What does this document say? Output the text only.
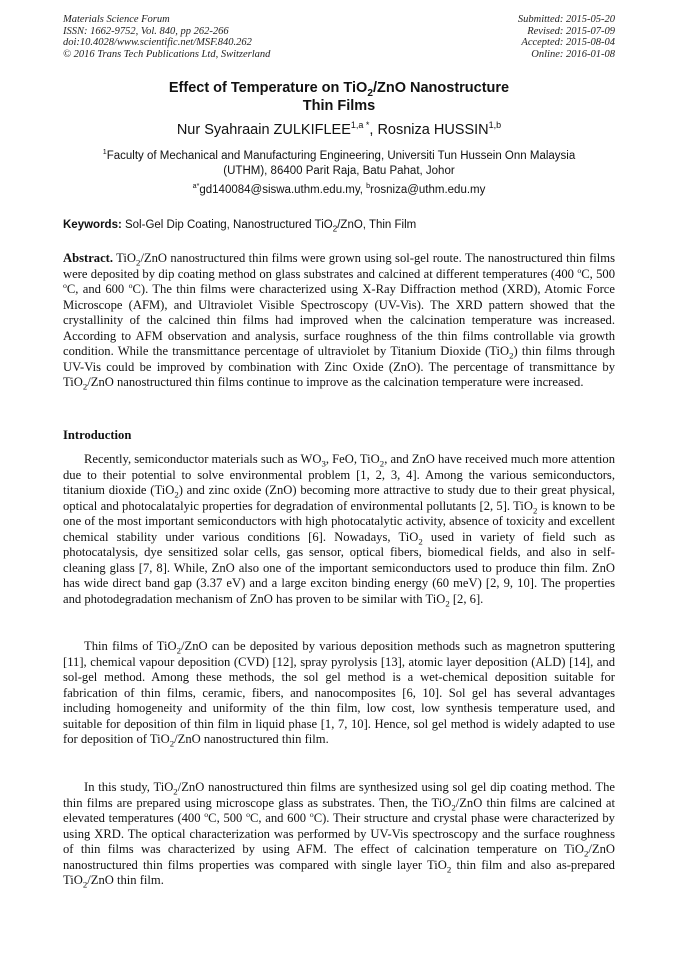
Materials Science Forum
ISSN: 1662-9752, Vol. 840, pp 262-266
doi:10.4028/www.scientific.net/MSF.840.262
© 2016 Trans Tech Publications Ltd, Switzerland
Submitted: 2015-05-20
Revised: 2015-07-09
Accepted: 2015-08-04
Online: 2016-01-08
Effect of Temperature on TiO$_2$/ZnO Nanostructure
Thin Films
Nur Syahraain $ZULKIFLEE^{1,a *}$, Rosniza HUSSIN$^{1,b}$
$^1$Faculty of Mechanical and Manufacturing Engineering, Universiti Tun Hussein Onn Malaysia
(UTHM), 86400 Parit Raja, Batu Pahat, Johor
$^{a*}$gd140084@siswa.uthm.edu.my, $^b$rosniza@uthm.edu.my
Keywords: Sol-Gel Dip Coating, Nanostructured TiO$_2$/ZnO, Thin Film

Abstract. TiO$_2$/ZnO nanostructured thin films were grown using sol-gel route. The nanostructured thin films were deposited by dip coating method on glass substrates and calcined at different temperatures (400 $^o$C, 500 $^o$C, and 600 $^o$C). The thin films were characterized using X-Ray Diffraction method (XRD), Atomic Force Microscope (AFM), and Ultraviolet Visible Spectroscopy (UV-Vis). The XRD pattern showed that the crystallinity of the calcined thin films had improved when the calcination temperature was increased. According to AFM observation and analysis, surface roughness of the thin films controllable via growth condition. While the transmittance percentage of ultraviolet by Titanium Dioxide (TiO$_2$) thin films through UV-Vis could be improved by combination with Zinc Oxide (ZnO). The percentage of transmittance by TiO$_2$/ZnO nanostructured thin films continue to improve as the calcination temperature were increased.

Introduction

Recently, semiconductor materials such as $WO_3$, FeO, TiO$_2$, and ZnO have received much more attention due to their potential to solve environmental problem [1, 2, 3, 4]. Among the various semiconductors, titanium dioxide (TiO$_2$) and zinc oxide (ZnO) becoming more attractive to study due to their great physical, optical and photocalatalyic properties for degradation of environmental pollutants [2, 5]. TiO$_2$ is known to be one of the most important semiconductors with high photocatalytic activity, absence of toxicity and excellent chemical stability under various conditions [6]. Nowadays, TiO$_2$ used in variety of field such as photocatalysis, dye sensitized solar cells, gas sensor, optical fibers, biomedical fields, and also in self-cleaning glass [7, 8]. While, ZnO also one of the important semiconductors used to produce thin film. ZnO has wide direct band gap (3.37 eV) and a large exciton binding energy (60 meV) [2, 9, 10]. The properties and photodegradation mechanism of ZnO has proven to be similar with TiO$_2$ [2, 6].

Thin films of TiO$_2$/ZnO can be deposited by various deposition methods such as magnetron sputtering [11], chemical vapour deposition (CVD) [12], spray pyrolysis [13], atomic layer deposition (ALD) [14], and sol-gel method. Among these methods, the sol gel method is a wet-chemical deposition suitable for fabrication of thin films, ceramic, fibers, and nanocomposites [6, 10]. Sol gel has several advantages including homogeneity and uniformity of the thin film, low cost, low synthesis temperature used, and suitable for deposition of thin film in liquid phase [1, 7, 10]. Hence, sol gel method is widely adapted to use for deposition of TiO$_2$/ZnO nanostructured thin film.

In this study, TiO$_2$/ZnO nanostructured thin films are synthesized using sol gel dip coating method. The thin films are prepared using microscope glass as substrates. Then, the TiO$_2$/ZnO thin films are calcined at elevated temperatures (400 $^o$C, 500 $^o$C, and 600 $^o$C). Their structure and crystal phase were characterized by using XRD. The optical characterization was performed by UV-Vis spectroscopy and the surface roughness of thin films was characterized by using AFM. The effect of calcination temperature on TiO$_2$/ZnO nanostructured thin films properties was compared with single layer TiO$_2$ thin film and also as-prepared TiO$_2$/ZnO thin film.
